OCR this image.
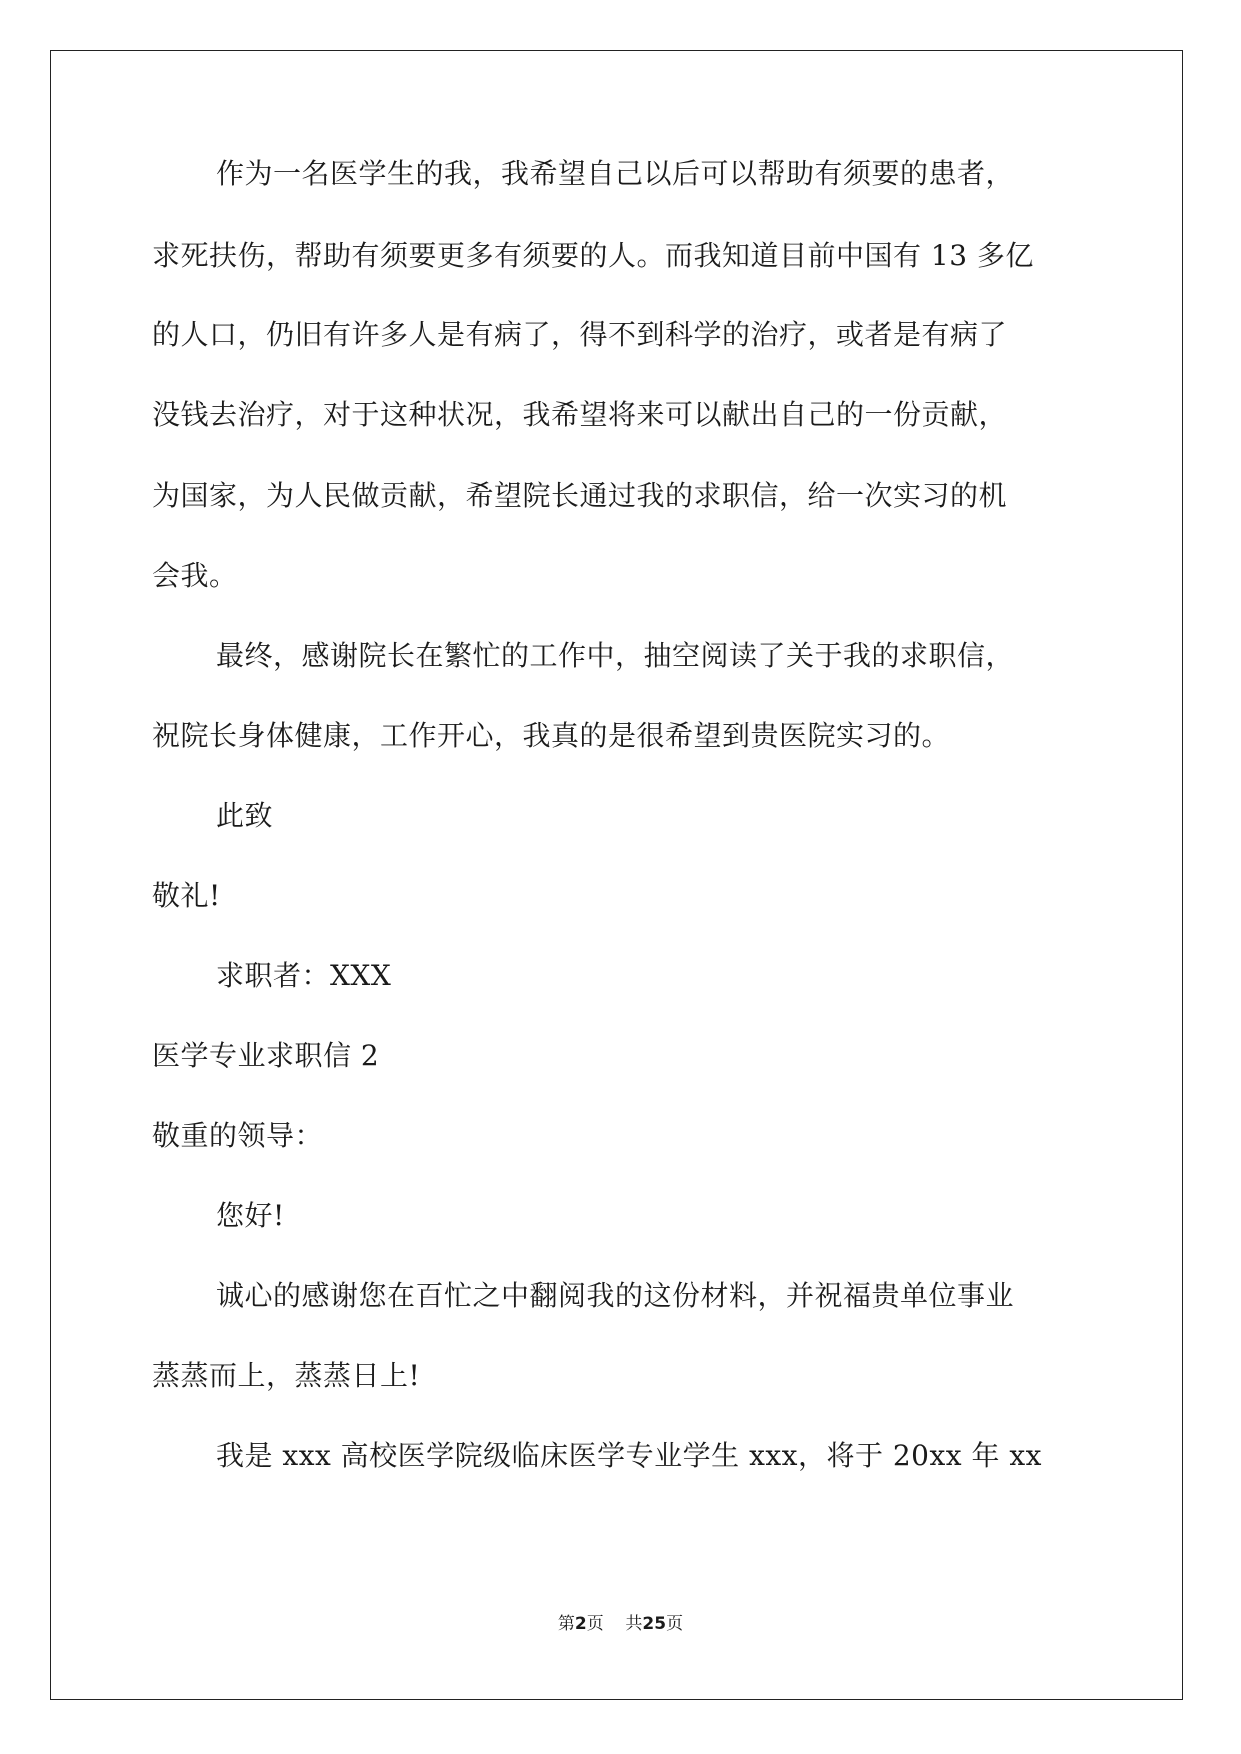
作为一名医学生的我，我希望自己以后可以帮助有须要的患者，
求死扶伤，帮助有须要更多有须要的人。而我知道目前中国有 13 多亿
的人口，仍旧有许多人是有病了，得不到科学的治疗，或者是有病了
没钱去治疗，对于这种状况，我希望将来可以献出自己的一份贡献，
为国家，为人民做贡献，希望院长通过我的求职信，给一次实习的机
会我。
最终，感谢院长在繁忙的工作中，抽空阅读了关于我的求职信，
祝院长身体健康，工作开心，我真的是很希望到贵医院实习的。
此致
敬礼!
求职者：XXX
医学专业求职信 2
敬重的领导：
您好!
诚心的感谢您在百忙之中翻阅我的这份材料，并祝福贵单位事业
蒸蒸而上，蒸蒸日上!
我是 xxx 高校医学院级临床医学专业学生 xxx，将于 20xx 年 xx
第2页 共25页
